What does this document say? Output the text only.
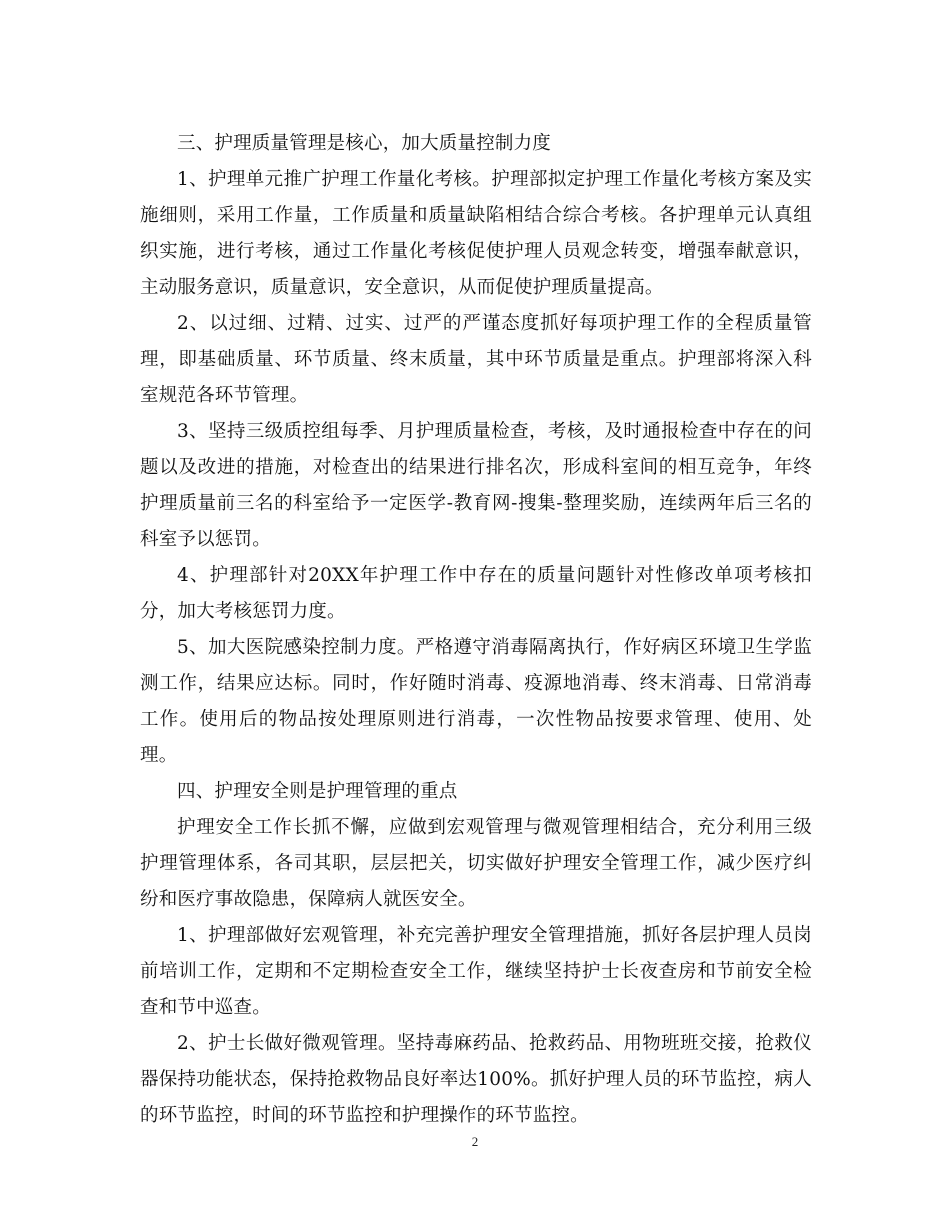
三、护理质量管理是核心，加大质量控制力度

1、护理单元推广护理工作量化考核。护理部拟定护理工作量化考核方案及实施细则，采用工作量，工作质量和质量缺陷相结合综合考核。各护理单元认真组织实施，进行考核，通过工作量化考核促使护理人员观念转变，增强奉献意识，主动服务意识，质量意识，安全意识，从而促使护理质量提高。

2、以过细、过精、过实、过严的严谨态度抓好每项护理工作的全程质量管理，即基础质量、环节质量、终末质量，其中环节质量是重点。护理部将深入科室规范各环节管理。

3、坚持三级质控组每季、月护理质量检查，考核，及时通报检查中存在的问题以及改进的措施，对检查出的结果进行排名次，形成科室间的相互竞争，年终护理质量前三名的科室给予一定医学-教育网-搜集-整理奖励，连续两年后三名的科室予以惩罚。

4、护理部针对20XX年护理工作中存在的质量问题针对性修改单项考核扣分，加大考核惩罚力度。

5、加大医院感染控制力度。严格遵守消毒隔离执行，作好病区环境卫生学监测工作，结果应达标。同时，作好随时消毒、疫源地消毒、终末消毒、日常消毒工作。使用后的物品按处理原则进行消毒，一次性物品按要求管理、使用、处理。

四、护理安全则是护理管理的重点

护理安全工作长抓不懈，应做到宏观管理与微观管理相结合，充分利用三级护理管理体系，各司其职，层层把关，切实做好护理安全管理工作，减少医疗纠纷和医疗事故隐患，保障病人就医安全。

1、护理部做好宏观管理，补充完善护理安全管理措施，抓好各层护理人员岗前培训工作，定期和不定期检查安全工作，继续坚持护士长夜查房和节前安全检查和节中巡查。

2、护士长做好微观管理。坚持毒麻药品、抢救药品、用物班班交接，抢救仪器保持功能状态，保持抢救物品良好率达100%。抓好护理人员的环节监控，病人的环节监控，时间的环节监控和护理操作的环节监控。

2
